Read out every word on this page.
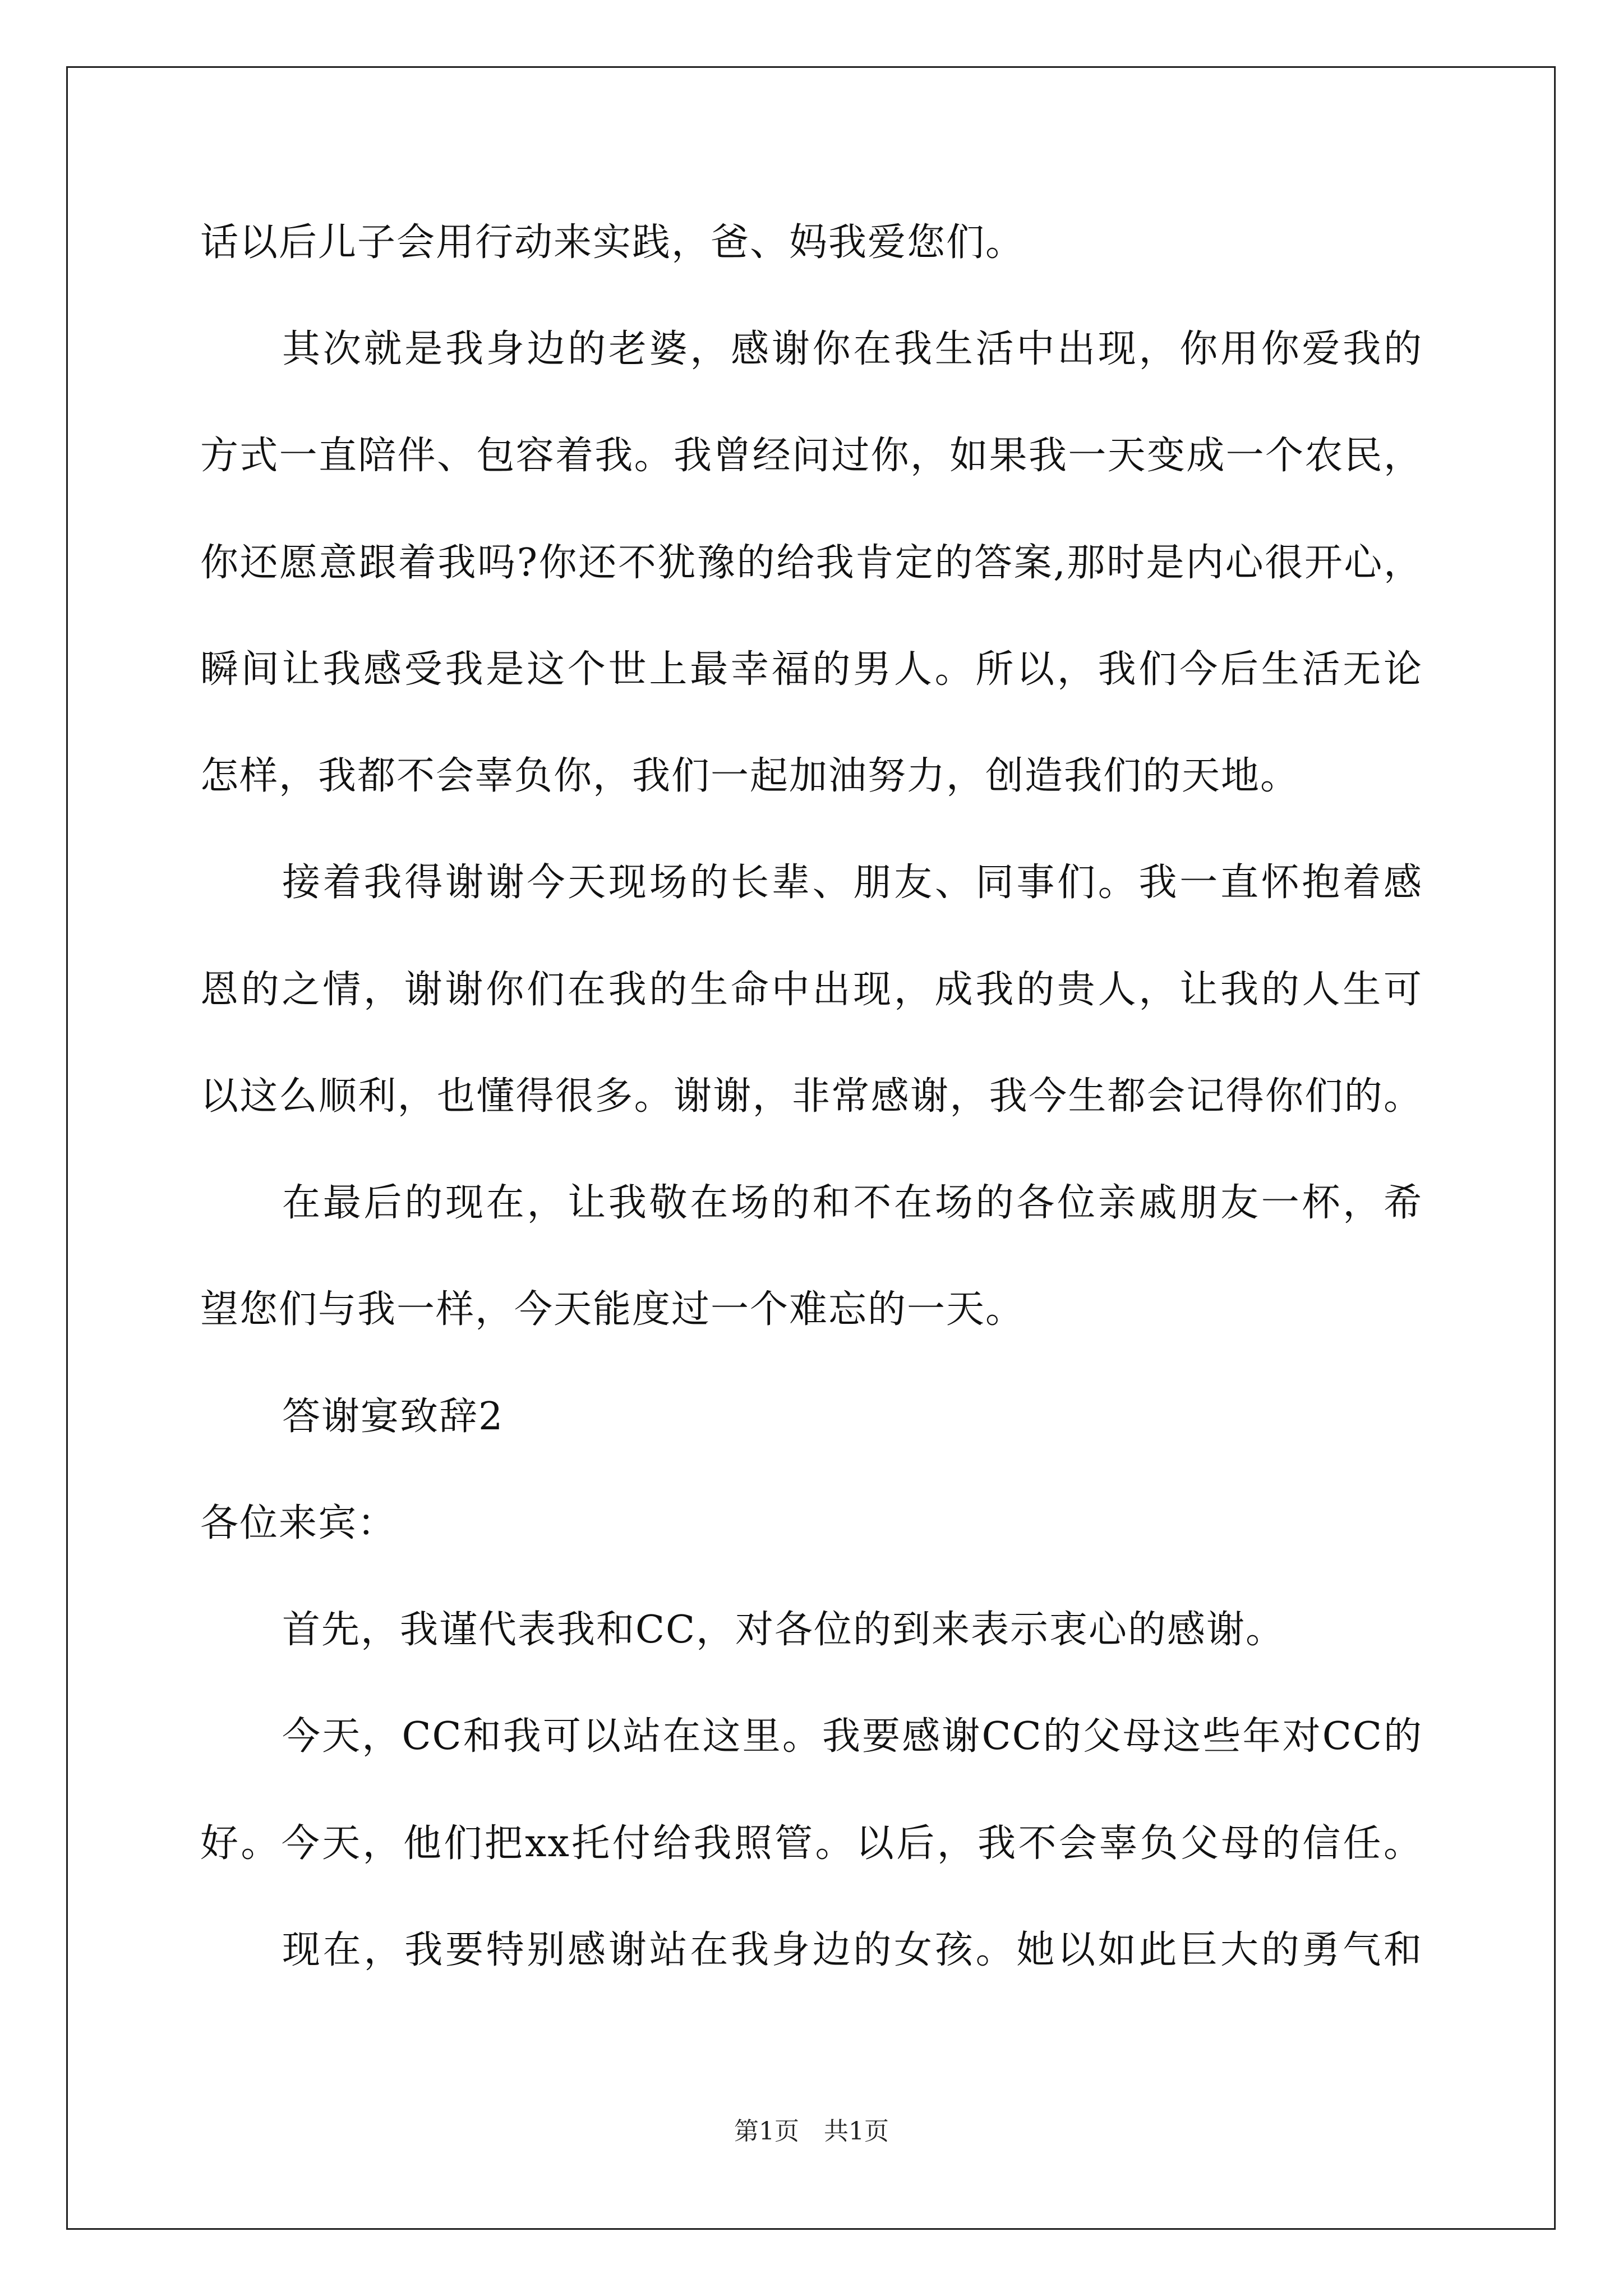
话以后儿子会用行动来实践，爸、妈我爱您们。
其次就是我身边的老婆，感谢你在我生活中出现，你用你爱我的
方式一直陪伴、包容着我。我曾经问过你，如果我一天变成一个农民，
你还愿意跟着我吗?你还不犹豫的给我肯定的答案,那时是内心很开心，
瞬间让我感受我是这个世上最幸福的男人。所以，我们今后生活无论
怎样，我都不会辜负你，我们一起加油努力，创造我们的天地。
接着我得谢谢今天现场的长辈、朋友、同事们。我一直怀抱着感
恩的之情，谢谢你们在我的生命中出现，成我的贵人，让我的人生可
以这么顺利，也懂得很多。谢谢，非常感谢，我今生都会记得你们的。
在最后的现在，让我敬在场的和不在场的各位亲戚朋友一杯，希
望您们与我一样，今天能度过一个难忘的一天。
答谢宴致辞2
各位来宾：
首先，我谨代表我和CC，对各位的到来表示衷心的感谢。
今天，CC和我可以站在这里。我要感谢CC的父母这些年对CC的
好。今天，他们把xx托付给我照管。以后，我不会辜负父母的信任。
现在，我要特别感谢站在我身边的女孩。她以如此巨大的勇气和
第1页　共1页
